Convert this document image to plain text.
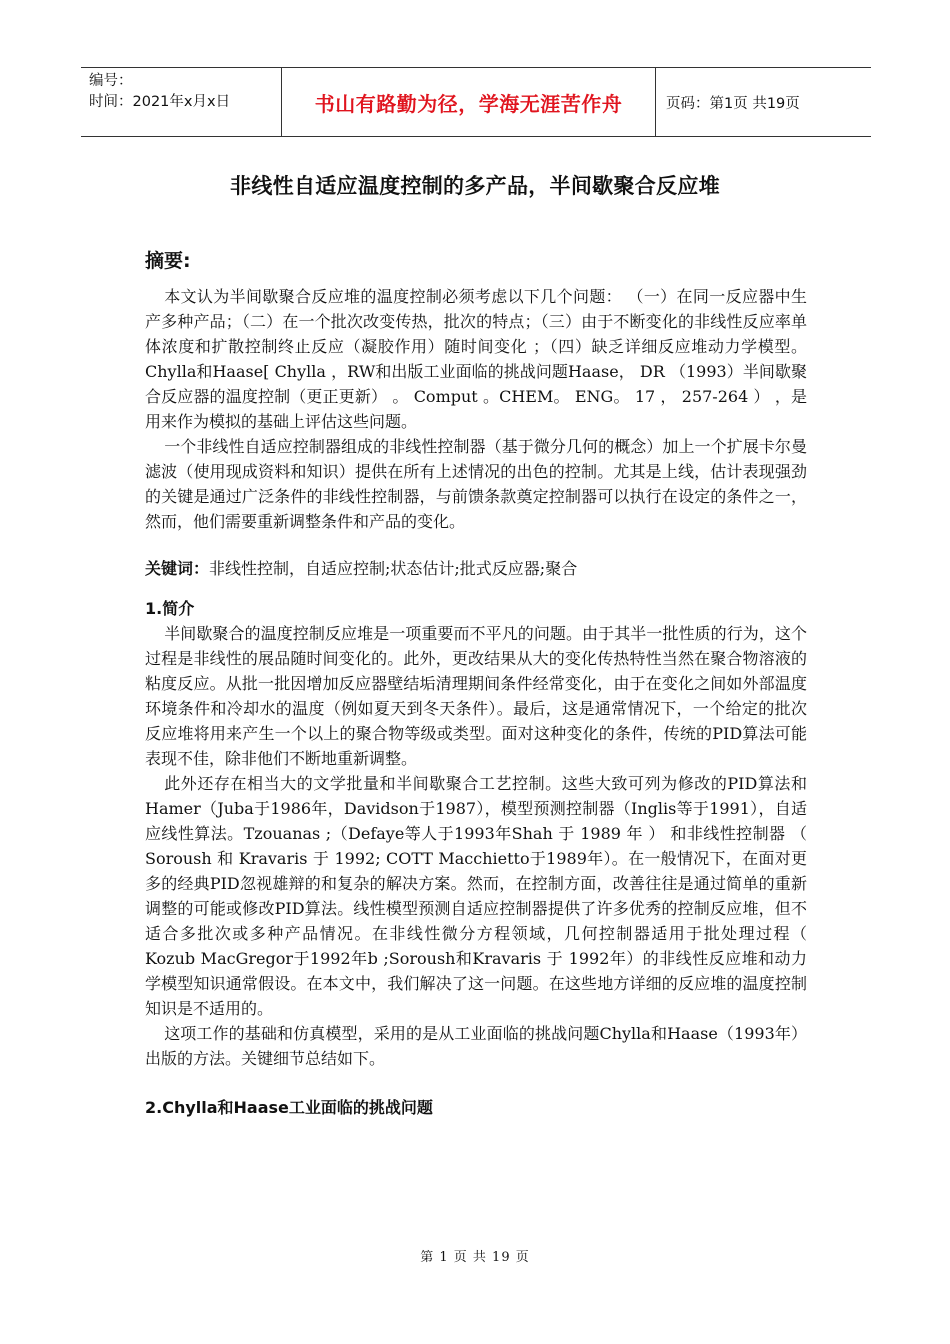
编号：
时间：2021年x月x日	书山有路勤为径，学海无涯苦作舟	页码：第1页 共19页
非线性自适应温度控制的多产品，半间歇聚合反应堆
摘要:

本文认为半间歇聚合反应堆的温度控制必须考虑以下几个问题： （一）在同一反应器中生产多种产品；（二）在一个批次改变传热，批次的特点；（三）由于不断变化的非线性反应率单体浓度和扩散控制终止反应（凝胶作用）随时间变化 ；（四）缺乏详细反应堆动力学模型。 Chylla和Haase[ Chylla ，RW和出版工业面临的挑战问题Haase， DR （1993）半间歇聚合反应器的温度控制（更正更新） 。 Comput 。CHEM。 ENG。 17 ， 257-264 ） ，是用来作为模拟的基础上评估这些问题。

一个非线性自适应控制器组成的非线性控制器（基于微分几何的概念）加上一个扩展卡尔曼滤波（使用现成资料和知识）提供在所有上述情况的出色的控制。尤其是上线，估计表现强劲的关键是通过广泛条件的非线性控制器，与前馈条款奠定控制器可以执行在设定的条件之一，然而，他们需要重新调整条件和产品的变化。

关键词：非线性控制，自适应控制;状态估计;批式反应器;聚合
1.简介

半间歇聚合的温度控制反应堆是一项重要而不平凡的问题。由于其半一批性质的行为，这个过程是非线性的展品随时间变化的。此外，更改结果从大的变化传热特性当然在聚合物溶液的粘度反应。从批一批因增加反应器壁结垢清理期间条件经常变化，由于在变化之间如外部温度环境条件和冷却水的温度（例如夏天到冬天条件）。最后，这是通常情况下，一个给定的批次反应堆将用来产生一个以上的聚合物等级或类型。面对这种变化的条件，传统的PID算法可能表现不佳，除非他们不断地重新调整。

此外还存在相当大的文学批量和半间歇聚合工艺控制。这些大致可列为修改的PID算法和Hamer（Juba于1986年，Davidson于1987），模型预测控制器（Inglis等于1991），自适应线性算法。Tzouanas ;（Defaye等人于1993年Shah 于 1989 年 ） 和非线性控制器 （ Soroush 和 Kravaris 于 1992; COTT Macchietto于1989年）。在一般情况下，在面对更多的经典PID忽视雄辩的和复杂的解决方案。然而，在控制方面，改善往往是通过简单的重新调整的可能或修改PID算法。线性模型预测自适应控制器提供了许多优秀的控制反应堆，但不适合多批次或多种产品情况。在非线性微分方程领域，几何控制器适用于批处理过程（ Kozub MacGregor于1992年b ;Soroush和Kravaris 于 1992年）的非线性反应堆和动力学模型知识通常假设。在本文中，我们解决了这一问题。在这些地方详细的反应堆的温度控制知识是不适用的。

这项工作的基础和仿真模型，采用的是从工业面临的挑战问题Chylla和Haase（1993年）出版的方法。关键细节总结如下。

2.Chylla和Haase工业面临的挑战问题
第 1 页 共 19 页
